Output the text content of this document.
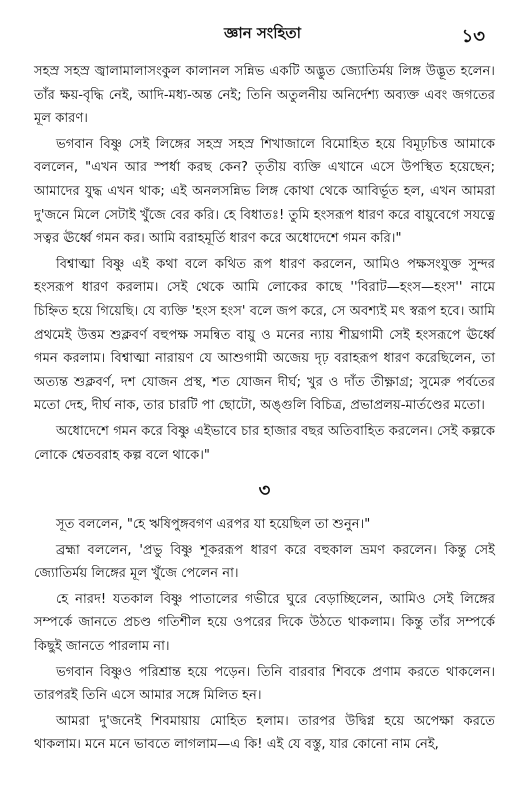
জ্ঞান সংহিতা	১৩

সহস্র সহস্র জ্বালামালাসংকুল কালানল সন্নিভ একটি অদ্ভুত জ্যোতির্ময় লিঙ্গ উদ্ভূত হলেন। তাঁর ক্ষয়-বৃদ্ধি নেই, আদি-মধ্য-অন্ত নেই; তিনি অতুলনীয় অনির্দেশ্য অব্যক্ত এবং জগতের মূল কারণ।

ভগবান বিষ্ণু সেই লিঙ্গের সহস্র সহস্র শিখাজালে বিমোহিত হয়ে বিমূঢ়চিত্ত আমাকে বললেন, "এখন আর স্পর্ধা করছ কেন? তৃতীয় ব্যক্তি এখানে এসে উপস্থিত হয়েছেন; আমাদের যুদ্ধ এখন থাক; এই অনলসন্নিভ লিঙ্গ কোথা থেকে আবির্ভূত হল, এখন আমরা দু'জনে মিলে সেটাই খুঁজে বের করি। হে বিধাতঃ! তুমি হংসরূপ ধারণ করে বায়ুবেগে সযত্নে সত্বর ঊর্ধ্বে গমন কর। আমি বরাহমূর্তি ধারণ করে অধোদেশে গমন করি।"

বিশ্বাত্মা বিষ্ণু এই কথা বলে কথিত রূপ ধারণ করলেন, আমিও পক্ষসংযুক্ত সুন্দর হংসরূপ ধারণ করলাম। সেই থেকে আমি লোকের কাছে ''বিরাট—হংস—হংস'' নামে চিহ্নিত হয়ে গিয়েছি। যে ব্যক্তি 'হংস হংস' বলে জপ করে, সে অবশ্যই মৎ স্বরূপ হবে। আমি প্রথমেই উত্তম শুক্লবর্ণ বহুপক্ষ সমন্বিত বায়ু ও মনের ন্যায় শীঘ্রগামী সেই হংসরূপে ঊর্ধ্বে গমন করলাম। বিশ্বাত্মা নারায়ণ যে আশুগামী অজেয় দৃঢ় বরাহরূপ ধারণ করেছিলেন, তা অত্যন্ত শুক্লবর্ণ, দশ যোজন প্রস্থ, শত যোজন দীর্ঘ; খুর ও দাঁত তীক্ষ্ণাগ্র; সুমেরু পর্বতের মতো দেহ, দীর্ঘ নাক, তার চারটি পা ছোটো, অঙ্গুলি বিচিত্র, প্রভাপ্রলয়-মার্তণ্ডের মতো।

অধোদেশে গমন করে বিষ্ণু এইভাবে চার হাজার বছর অতিবাহিত করলেন। সেই কল্পকে লোকে শ্বেতবরাহ কল্প বলে থাকে।"

৩

সূত বললেন, "হে ঋষিপুঙ্গবগণ এরপর যা হয়েছিল তা শুনুন।"

ব্রহ্মা বললেন, 'প্রভু বিষ্ণু শূকররূপ ধারণ করে বহুকাল ভ্রমণ করলেন। কিন্তু সেই জ্যোতির্ময় লিঙ্গের মূল খুঁজে পেলেন না।

হে নারদ! যতকাল বিষ্ণু পাতালের গভীরে ঘুরে বেড়াচ্ছিলেন, আমিও সেই লিঙ্গের সম্পর্কে জানতে প্রচণ্ড গতিশীল হয়ে ওপরের দিকে উঠতে থাকলাম। কিন্তু তাঁর সম্পর্কে কিছুই জানতে পারলাম না।

ভগবান বিষ্ণুও পরিশ্রান্ত হয়ে পড়েন। তিনি বারবার শিবকে প্রণাম করতে থাকলেন। তারপরই তিনি এসে আমার সঙ্গে মিলিত হন।

আমরা দু'জনেই শিবমায়ায় মোহিত হলাম। তারপর উদ্বিগ্ন হয়ে অপেক্ষা করতে থাকলাম। মনে মনে ভাবতে লাগলাম—এ কি! এই যে বস্তু, যার কোনো নাম নেই,
